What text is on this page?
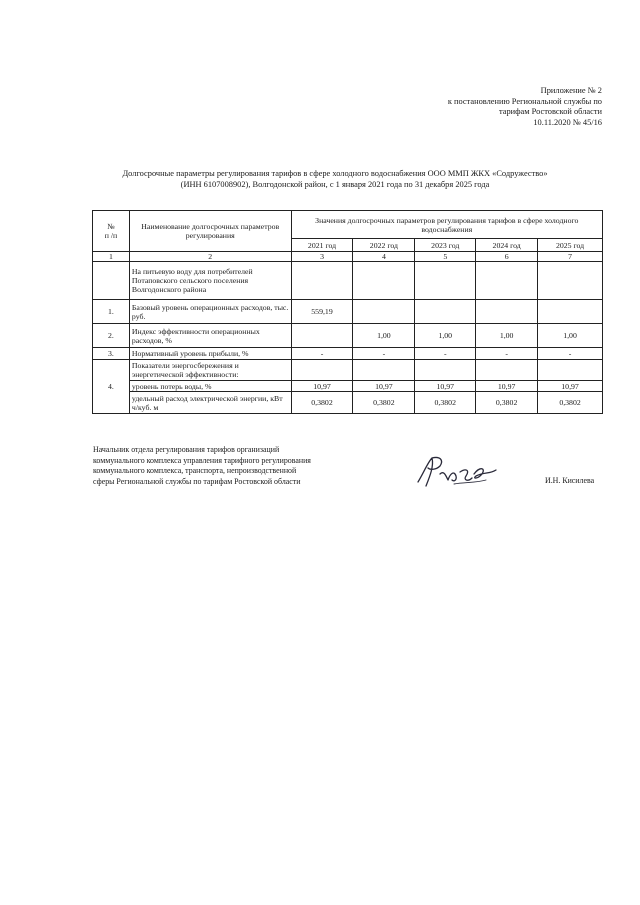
Приложение № 2
к постановлению Региональной службы по
тарифам Ростовской области
10.11.2020 № 45/16
Долгосрочные параметры регулирования тарифов в сфере холодного водоснабжения ООО ММП ЖКХ «Содружество»
(ИНН 6107008902), Волгодонской район, с 1 января 2021 года по 31 декабря 2025 года
№
п /п	Наименование долгосрочных параметров регулирования	Значения долгосрочных параметров регулирования тарифов в сфере холодного водоснабжения				
		2021 год	2022 год	2023 год	2024 год	2025 год
1	2	3	4	5	6	7
	На питьевую воду для потребителей Потаповского сельского поселения Волгодонского района					
1.	Базовый уровень операционных расходов, тыс. руб.	559,19				
2.	Индекс эффективности операционных расходов, %		1,00	1,00	1,00	1,00
3.	Нормативный уровень прибыли, %	-	-	-	-	-
4.	Показатели энергосбережения и энергетической эффективности:					
	уровень потерь воды, %	10,97	10,97	10,97	10,97	10,97
	удельный расход электрической энергии, кВт ч/куб. м	0,3802	0,3802	0,3802	0,3802	0,3802
Начальник отдела регулирования тарифов организаций
коммунального комплекса управления тарифного регулирования
коммунального комплекса, транспорта, непроизводственной
сферы Региональной службы по тарифам Ростовской области	И.Н. Кисилева
